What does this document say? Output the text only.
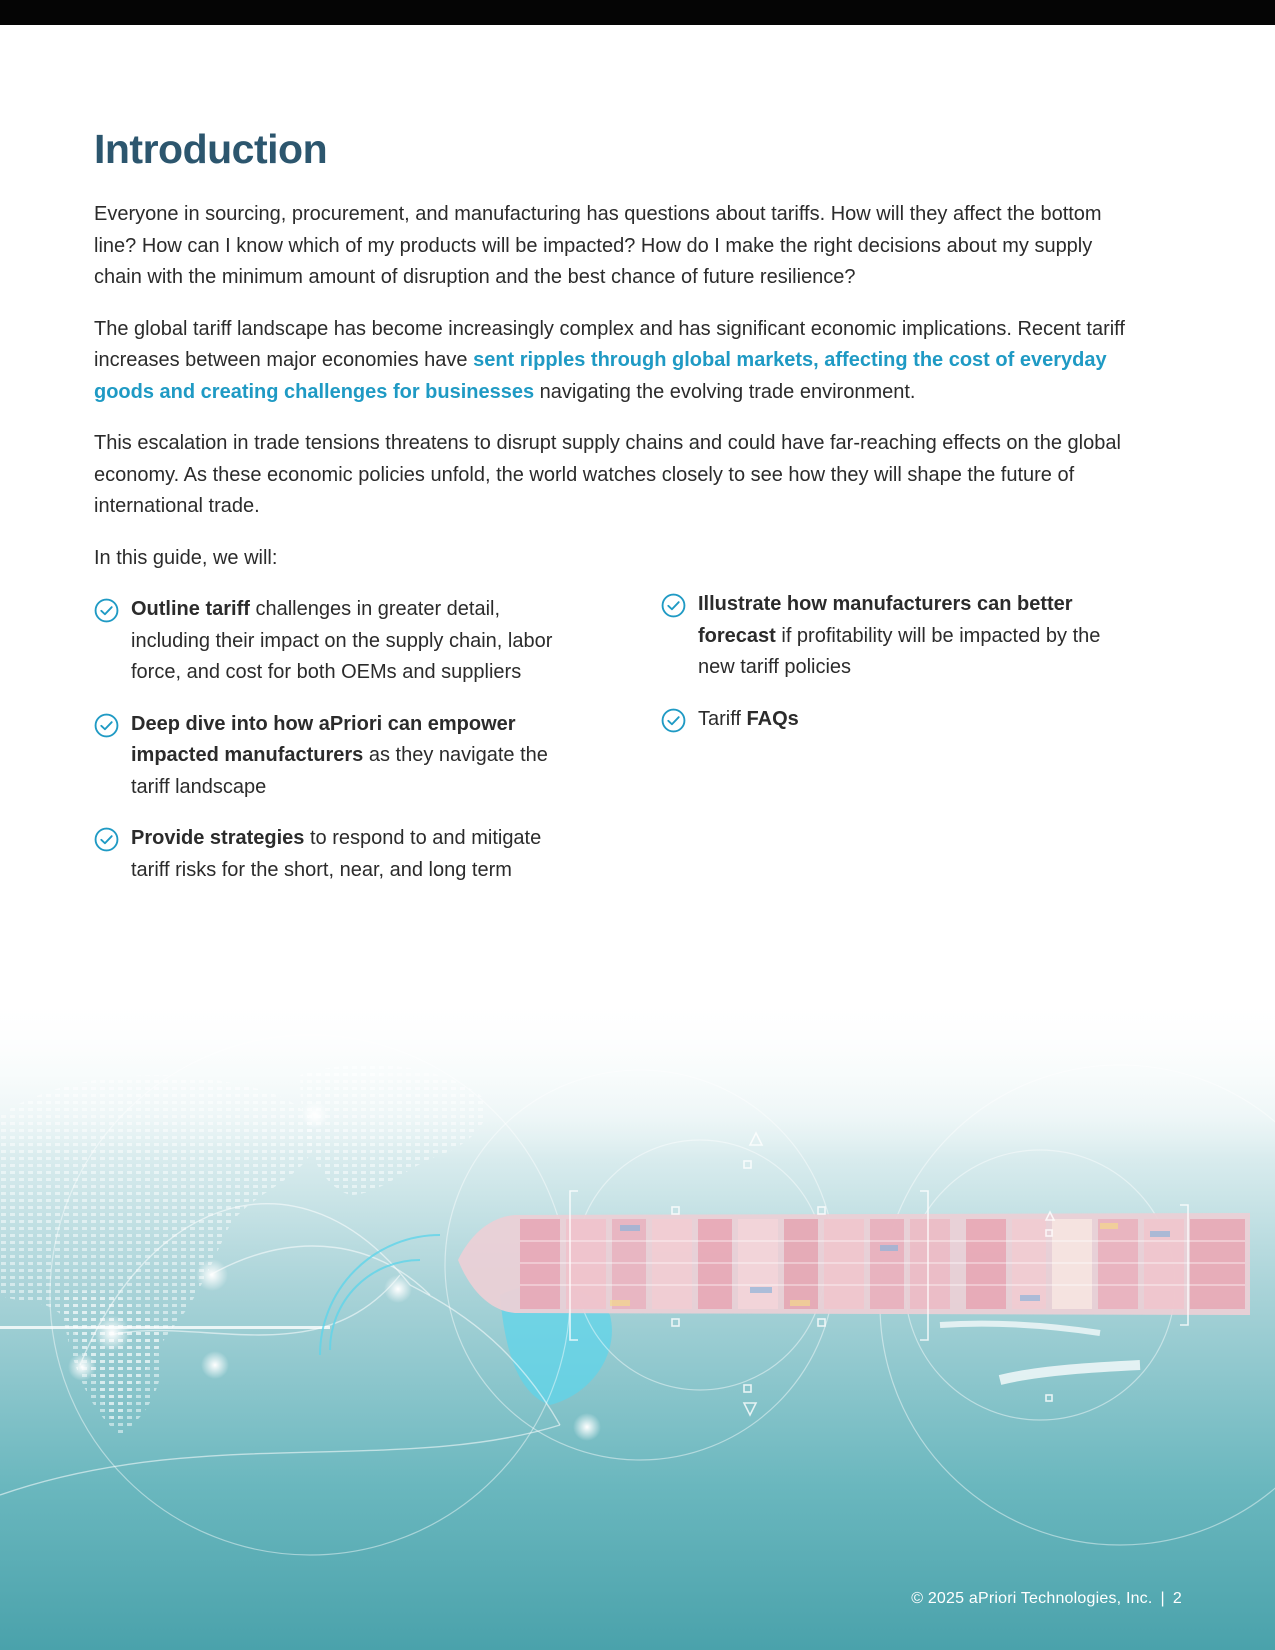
Introduction

Everyone in sourcing, procurement, and manufacturing has questions about tariffs. How will they affect the bottom line? How can I know which of my products will be impacted? How do I make the right decisions about my supply chain with the minimum amount of disruption and the best chance of future resilience?

The global tariff landscape has become increasingly complex and has significant economic implications. Recent tariff increases between major economies have sent ripples through global markets, affecting the cost of everyday goods and creating challenges for businesses navigating the evolving trade environment.

This escalation in trade tensions threatens to disrupt supply chains and could have far-reaching effects on the global economy. As these economic policies unfold, the world watches closely to see how they will shape the future of international trade.

In this guide, we will:

Outline tariff challenges in greater detail, including their impact on the supply chain, labor force, and cost for both OEMs and suppliers
Deep dive into how aPriori can empower impacted manufacturers as they navigate the tariff landscape
Provide strategies to respond to and mitigate tariff risks for the short, near, and long term
Illustrate how manufacturers can better forecast if profitability will be impacted by the new tariff policies
Tariff FAQs
© 2025 aPriori Technologies, Inc. | 2
